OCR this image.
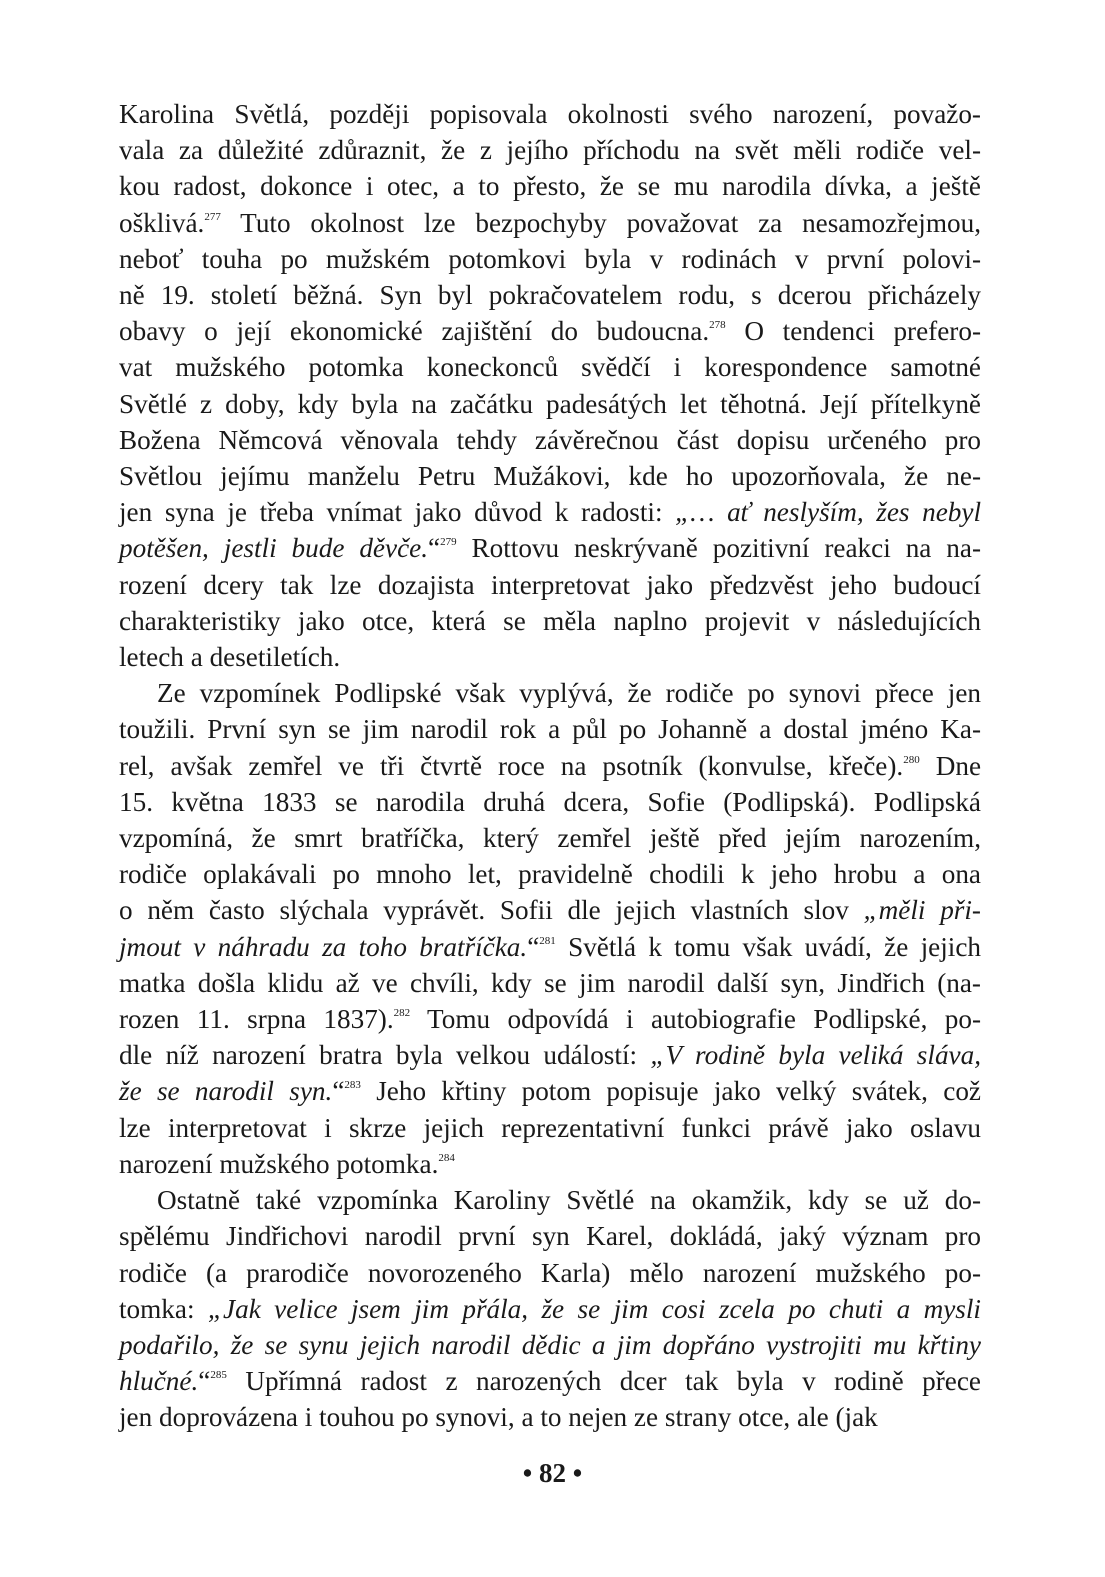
Karolina Světlá, později popisovala okolnosti svého narození, považo-
vala za důležité zdůraznit, že z jejího příchodu na svět měli rodiče vel-
kou radost, dokonce i otec, a to přesto, že se mu narodila dívka, a ještě
ošklivá.$^{277}$ Tuto okolnost lze bezpochyby považovat za nesamozřejmou,
neboť touha po mužském potomkovi byla v rodinách v první polovi-
ně 19. století běžná. Syn byl pokračovatelem rodu, s dcerou přicházely
obavy o její ekonomické zajištění do budoucna.$^{278}$ O tendenci prefero-
vat mužského potomka koneckonců svědčí i korespondence samotné
Světlé z doby, kdy byla na začátku padesátých let těhotná. Její přítelkyně
Božena Němcová věnovala tehdy závěrečnou část dopisu určeného pro
Světlou jejímu manželu Petru Mužákovi, kde ho upozorňovala, že ne-
jen syna je třeba vnímat jako důvod k radosti: „… ať neslyším, žes nebyl
potěšen, jestli bude děvče.“$^{279}$ Rottovu neskrývaně pozitivní reakci na na-
rození dcery tak lze dozajista interpretovat jako předzvěst jeho budoucí
charakteristiky jako otce, která se měla naplno projevit v následujících
letech a desetiletích.
Ze vzpomínek Podlipské však vyplývá, že rodiče po synovi přece jen
toužili. První syn se jim narodil rok a půl po Johanně a dostal jméno Ka-
rel, avšak zemřel ve tři čtvrtě roce na psotník (konvulse, křeče).$^{280}$ Dne
15. května 1833 se narodila druhá dcera, Sofie (Podlipská). Podlipská
vzpomíná, že smrt bratříčka, který zemřel ještě před jejím narozením,
rodiče oplakávali po mnoho let, pravidelně chodili k jeho hrobu a ona
o něm často slýchala vyprávět. Sofii dle jejich vlastních slov „měli při-
jmout v náhradu za toho bratříčka.“$^{281}$ Světlá k tomu však uvádí, že jejich
matka došla klidu až ve chvíli, kdy se jim narodil další syn, Jindřich (na-
rozen 11. srpna 1837).$^{282}$ Tomu odpovídá i autobiografie Podlipské, po-
dle níž narození bratra byla velkou událostí: „V rodině byla veliká sláva,
že se narodil syn.“$^{283}$ Jeho křtiny potom popisuje jako velký svátek, což
lze interpretovat i skrze jejich reprezentativní funkci právě jako oslavu
narození mužského potomka.$^{284}$
Ostatně také vzpomínka Karoliny Světlé na okamžik, kdy se už do-
spělému Jindřichovi narodil první syn Karel, dokládá, jaký význam pro
rodiče (a prarodiče novorozeného Karla) mělo narození mužského po-
tomka: „Jak velice jsem jim přála, že se jim cosi zcela po chuti a mysli
podařilo, že se synu jejich narodil dědic a jim dopřáno vystrojiti mu křtiny
hlučné.“$^{285}$ Upřímná radost z narozených dcer tak byla v rodině přece
jen doprovázena i touhou po synovi, a to nejen ze strany otce, ale (jak
• 82 •
